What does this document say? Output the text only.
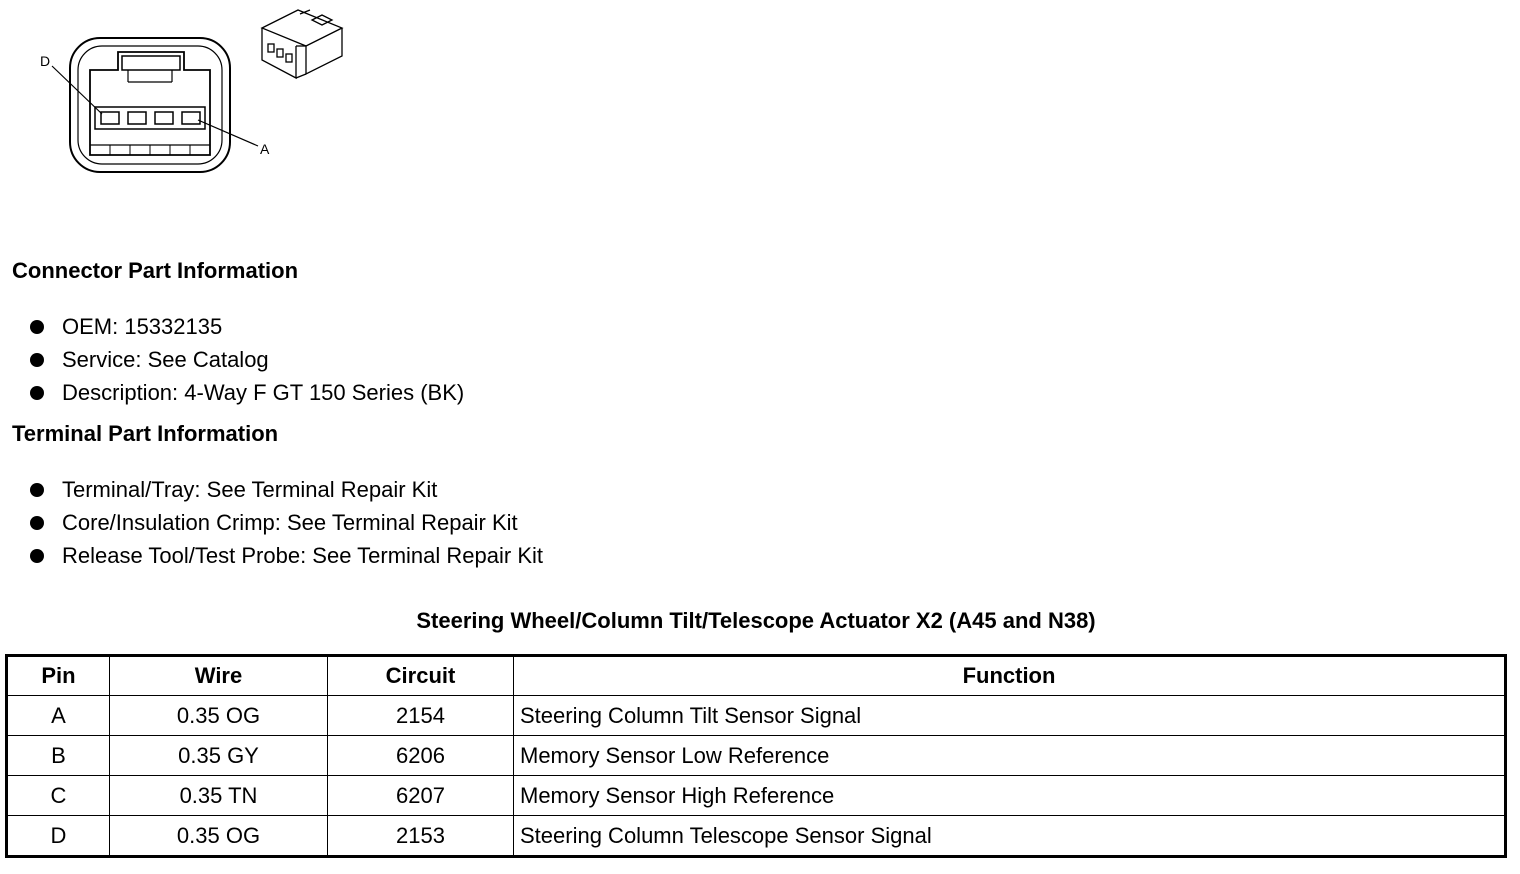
D
A
Connector Part Information
OEM: 15332135
Service: See Catalog
Description: 4-Way F GT 150 Series (BK)
Terminal Part Information
Terminal/Tray: See Terminal Repair Kit
Core/Insulation Crimp: See Terminal Repair Kit
Release Tool/Test Probe: See Terminal Repair Kit
Steering Wheel/Column Tilt/Telescope Actuator X2 (A45 and N38)
Pin	Wire	Circuit	Function
A	0.35 OG	2154	Steering Column Tilt Sensor Signal
B	0.35 GY	6206	Memory Sensor Low Reference
C	0.35 TN	6207	Memory Sensor High Reference
D	0.35 OG	2153	Steering Column Telescope Sensor Signal
